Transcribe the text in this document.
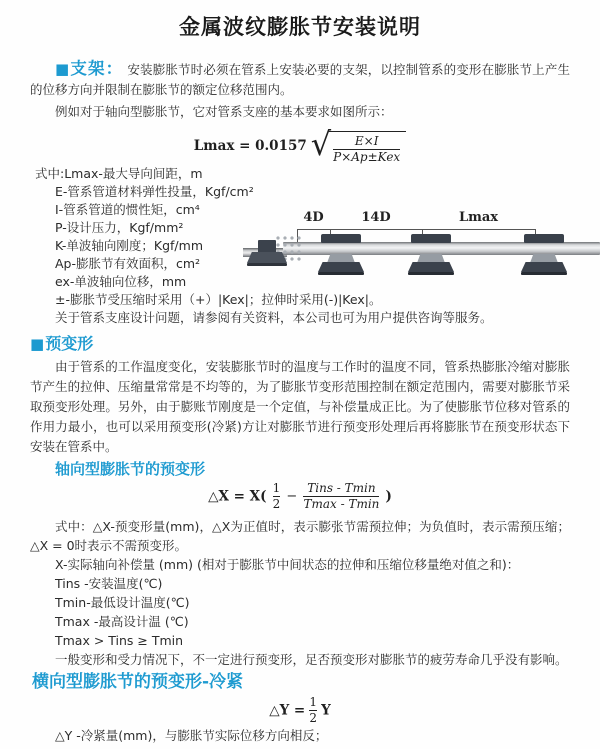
金属波纹膨胀节安装说明

■支架： 安装膨胀节时必须在管系上安装必要的支架，以控制管系的变形在膨胀节上产生的位移方向并限制在膨胀节的额定位移范围内。

例如对于轴向型膨胀节，它对管系支座的基本要求如图所示：

Lmax = 0.0157 √ $\frac{E\times I}{\text{P×Ap±Kex}}$
式中:Lmax-最大导向间距，m
E-管系管道材料弹性投量，Kgf/cm²
I-管系管道的惯性矩，cm⁴
P-设计压力，Kgf/mm²
K-单波轴向刚度；Kgf/mm
Ap-膨胀节有效面积，cm²
ex-单波轴向位移，mm
±-膨胀节受压缩时采用（+）|Kex|；拉伸时采用(-)|Kex|。
关于管系支座设计问题，请参阅有关资料，本公司也可为用户提供咨询等服务。
4D	14D	Lmax
■预变形

由于管系的工作温度变化，安装膨胀节时的温度与工作时的温度不同，管系热膨胀冷缩对膨胀节产生的拉伸、压缩量常常是不均等的，为了膨胀节变形范围控制在额定范围内，需要对膨胀节采取预变形处理。另外，由于膨账节刚度是一个定值，与补偿量成正比。为了使膨胀节位移对管系的作用力最小，也可以采用预变形(冷紧)方让对膨胀节进行预变形处理后再将膨胀节在预变形状态下安装在管系中。

轴向型膨胀节的预变形
△X = $X( \frac{1}{2} - \frac{\text{Tins - Tmin}}{Tmax - Tmin}$ )

式中：△X-预变形量(mm)，△X为正值时，表示膨张节需预拉伸；为负值时，表示需预压缩；△X = 0时表示不需预变形。

X-实际轴向补偿量 (mm) (相对于膨胀节中间状态的拉伸和压缩位移量绝对值之和)：
Tins -安装温度(℃)
Tmin-最低设计温度(℃)
Tmax -最高设计温 (℃)
Tmax > Tins ≥ Tmin
一般变形和受力情况下，不一定进行预变形，足否预变形对膨胀节的疲劳寿命几乎没有影响。
横向型膨胀节的预变形-冷紧
△Y = $\frac{1}{2}$ Y

△Y -冷紧量(mm)，与膨胀节实际位移方向相反；
